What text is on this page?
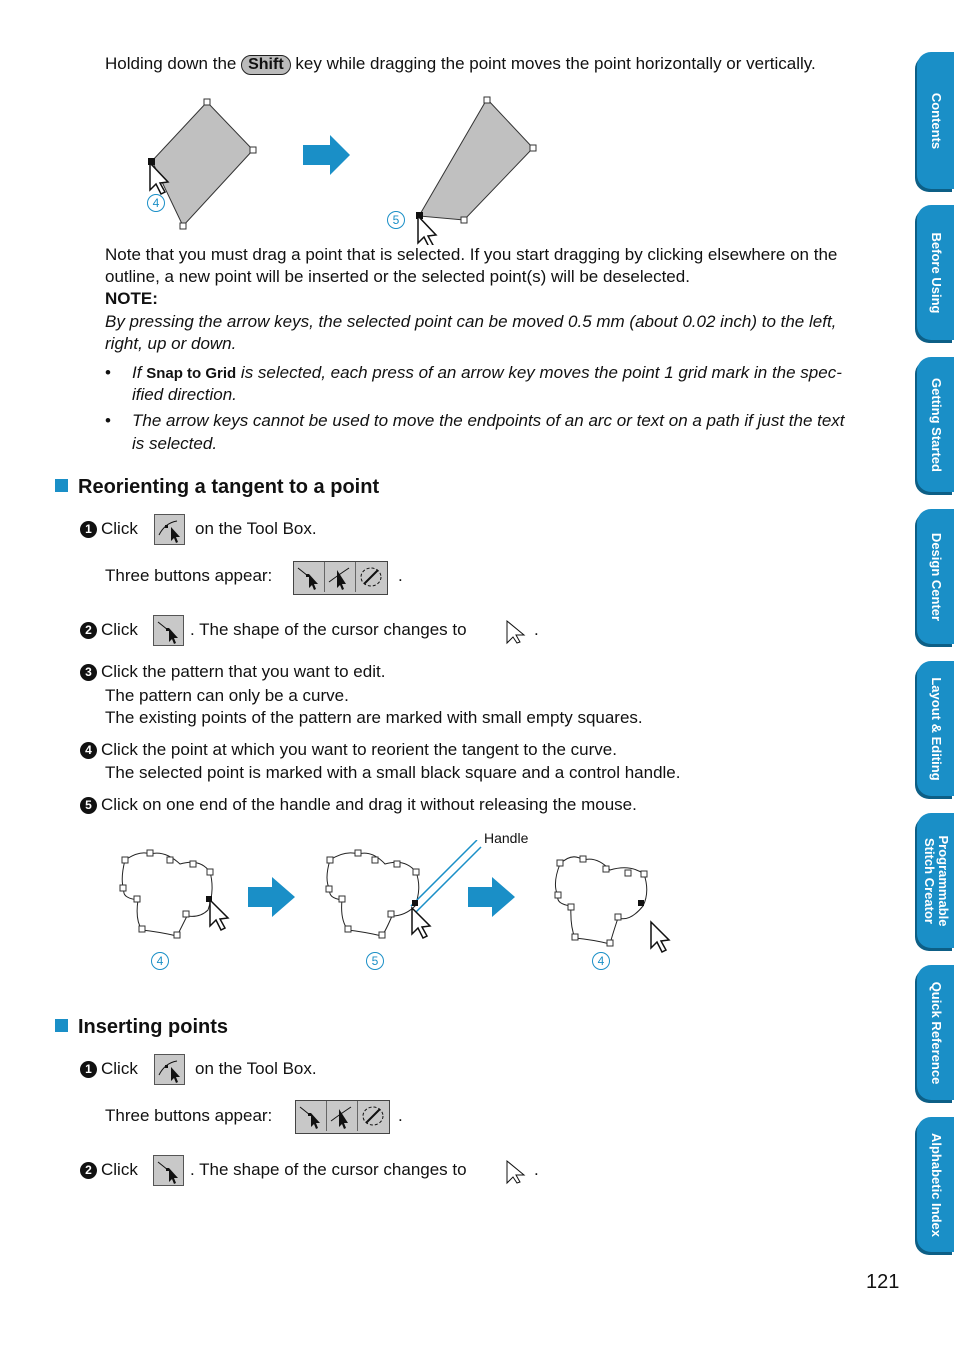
Holding down the Shift key while dragging the point moves the point horizontally or vertically.
4
5
Note that you must drag a point that is selected. If you start dragging by clicking elsewhere on the
outline, a new point will be inserted or the selected point(s) will be deselected.
NOTE:
By pressing the arrow keys, the selected point can be moved 0.5 mm (about 0.02 inch) to the left,
right, up or down.
• If Snap to Grid is selected, each press of an arrow key moves the point 1 grid mark in the spec-
ified direction.
• The arrow keys cannot be used to move the endpoints of an arc or text on a path if just the text
is selected.
Reorienting a tangent to a point
1 Click	on the Tool Box.
Three buttons appear:	.
2 Click	. The shape of the cursor changes to	.
3 Click the pattern that you want to edit.
The pattern can only be a curve.
The existing points of the pattern are marked with small empty squares.
4 Click the point at which you want to reorient the tangent to the curve.
The selected point is marked with a small black square and a control handle.
5 Click on one end of the handle and drag it without releasing the mouse.
Handle
4	5	4
Inserting points
1 Click	on the Tool Box.
Three buttons appear:	.
2 Click	. The shape of the cursor changes to	.
Contents
Before Using
Getting Started
Design Center
Layout & Editing
Programmable Stitch Creator
Quick Reference
Alphabetic Index
121
